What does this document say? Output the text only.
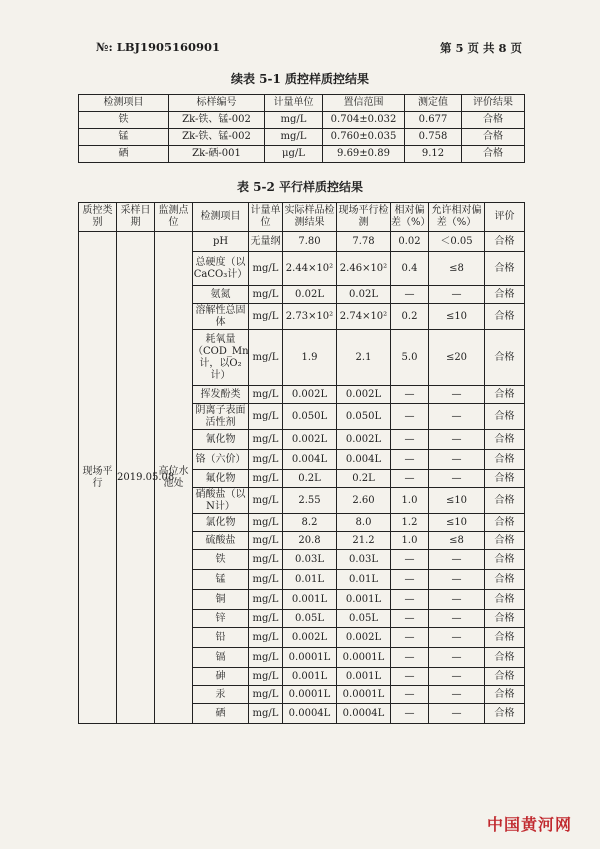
№: LBJ1905160901	第 5 页 共 8 页
续表 5-1 质控样质控结果
检测项目	标样编号	计量单位	置信范围	测定值	评价结果
铁	Zk-铁、锰-002	mg/L	0.704±0.032	0.677	合格
锰	Zk-铁、锰-002	mg/L	0.760±0.035	0.758	合格
硒	Zk-硒-001	μg/L	9.69±0.89	9.12	合格
表 5-2 平行样质控结果
质控类别	采样日期	监测点位	检测项目	计量单位	实际样品检测结果	现场平行检测	相对偏差（%）	允许相对偏差（%）	评价
现场平行	2019.05.08	高位水池处	pH	无量纲	7.80	7.78	0.02	＜0.05	合格
			总硬度（以CaCO₃计）	mg/L	2.44×10²	2.46×10²	0.4	≤8	合格
			氨氮	mg/L	0.02L	0.02L	—	—	合格
			溶解性总固体	mg/L	2.73×10²	2.74×10²	0.2	≤10	合格
			耗氧量（COD_Mn计，以O₂计）	mg/L	1.9	2.1	5.0	≤20	合格
			挥发酚类	mg/L	0.002L	0.002L	—	—	合格
			阴离子表面活性剂	mg/L	0.050L	0.050L	—	—	合格
			氰化物	mg/L	0.002L	0.002L	—	—	合格
			铬（六价）	mg/L	0.004L	0.004L	—	—	合格
			氟化物	mg/L	0.2L	0.2L	—	—	合格
			硝酸盐（以N计）	mg/L	2.55	2.60	1.0	≤10	合格
			氯化物	mg/L	8.2	8.0	1.2	≤10	合格
			硫酸盐	mg/L	20.8	21.2	1.0	≤8	合格
			铁	mg/L	0.03L	0.03L	—	—	合格
			锰	mg/L	0.01L	0.01L	—	—	合格
			铜	mg/L	0.001L	0.001L	—	—	合格
			锌	mg/L	0.05L	0.05L	—	—	合格
			铅	mg/L	0.002L	0.002L	—	—	合格
			镉	mg/L	0.0001L	0.0001L	—	—	合格
			砷	mg/L	0.001L	0.001L	—	—	合格
			汞	mg/L	0.0001L	0.0001L	—	—	合格
			硒	mg/L	0.0004L	0.0004L	—	—	合格
中国黄河网
